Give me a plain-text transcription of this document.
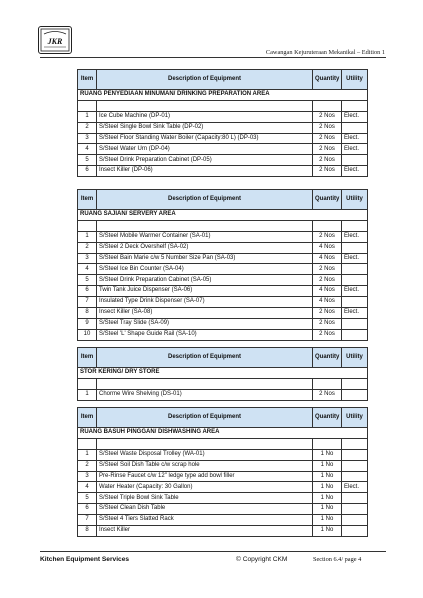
JKR
Cawangan Kejuruteraan Mekanikal – Edition 1
Item	Description of Equipment	Quantity	Utility
RUANG PENYEDIAAN MINUMAN/ DRINKING PREPARATION AREA			

1	Ice Cube Machine (DP-01)	2 Nos	Elect.
2	S/Steel Single Bowl Sink Table (DP-02)	2 Nos	
3	S/Steel Floor Standing Water Boiler (Capacity:80 L) (DP-03)	2 Nos	Elect.
4	S/Steel Water Urn (DP-04)	2 Nos	Elect.
5	S/Steel Drink Preparation Cabinet (DP-05)	2 Nos	
6	Insect Killer (DP-06)	2 Nos	Elect.
Item	Description of Equipment	Quantity	Utility
RUANG SAJIAN/ SERVERY AREA			

1	S/Steel Mobile Warmer Container (SA-01)	2 Nos	Elect.
2	S/Steel 2 Deck Overshelf (SA-02)	4 Nos	
3	S/Steel Bain Marie c/w 5 Number Size Pan (SA-03)	4 Nos	Elect.
4	S/Steel Ice Bin Counter (SA-04)	2 Nos	
5	S/Steel Drink Preparation Cabinet (SA-05)	2 Nos	
6	Twin Tank Juice Dispenser (SA-06)	4 Nos	Elect.
7	Insulated Type Drink Dispenser (SA-07)	4 Nos	
8	Insect Killer (SA-08)	2 Nos	Elect.
9	S/Steel Tray Slide (SA-09)	2 Nos	
10	S/Steel 'L' Shape Guide Rail (SA-10)	2 Nos	
Item	Description of Equipment	Quantity	Utility
STOR KERING/ DRY STORE			

1	Chorme Wire Shelving (DS-01)	2 Nos	
Item	Description of Equipment	Quantity	Utility
RUANG BASUH PINGGAN/ DISHWASHING AREA			

1	S/Steel Waste Disposal Trolley (WA-01)	1 No	
2	S/Steel Soil Dish Table c/w scrap hole	1 No	
3	Pre-Rinse Faucet c/w 12" ledge type add bowl filler	1 No	
4	Water Heater (Capacity: 30 Gallon)	1 No	Elect.
5	S/Steel Triple Bowl Sink Table	1 No	
6	S/Steel Clean Dish Table	1 No	
7	S/Steel 4 Tiers Slatted Rack	1 No	
8	Insect Killer	1 No	
Kitchen Equipment Services	© Copyright CKM	Section 6.4/ page 4
